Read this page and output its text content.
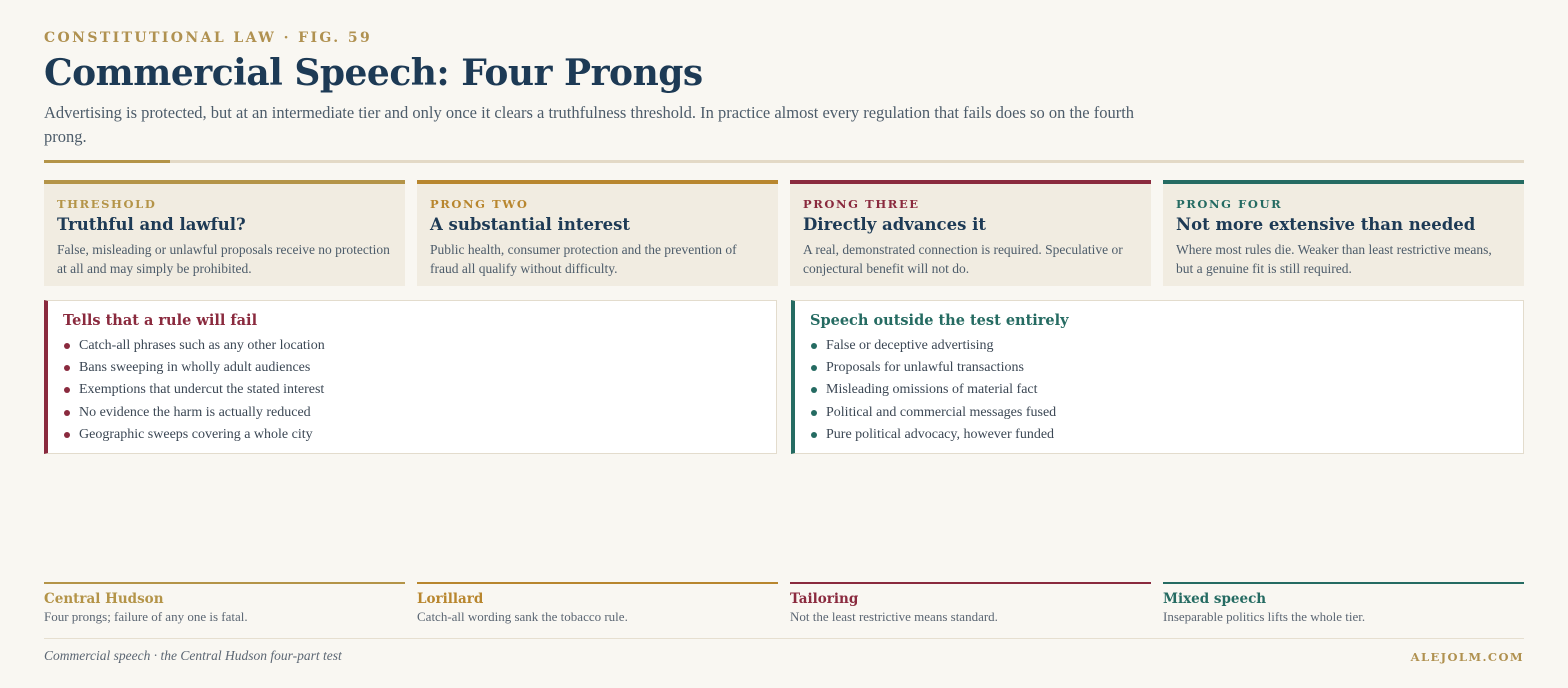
CONSTITUTIONAL LAW · FIG. 59
Commercial Speech: Four Prongs

Advertising is protected, but at an intermediate tier and only once it clears a truthfulness threshold. In practice almost every regulation that fails does so on the fourth prong.

THRESHOLD
Truthful and lawful?
False, misleading or unlawful proposals receive no protection at all and may simply be prohibited.
PRONG TWO
A substantial interest
Public health, consumer protection and the prevention of fraud all qualify without difficulty.
PRONG THREE
Directly advances it
A real, demonstrated connection is required. Speculative or conjectural benefit will not do.
PRONG FOUR
Not more extensive than needed
Where most rules die. Weaker than least restrictive means, but a genuine fit is still required.
Tells that a rule will fail
Catch-all phrases such as any other location
Bans sweeping in wholly adult audiences
Exemptions that undercut the stated interest
No evidence the harm is actually reduced
Geographic sweeps covering a whole city
Speech outside the test entirely
False or deceptive advertising
Proposals for unlawful transactions
Misleading omissions of material fact
Political and commercial messages fused
Pure political advocacy, however funded
Central Hudson
Four prongs; failure of any one is fatal.
Lorillard
Catch-all wording sank the tobacco rule.
Tailoring
Not the least restrictive means standard.
Mixed speech
Inseparable politics lifts the whole tier.
Commercial speech · the Central Hudson four-part test	ALEJOLM.COM
